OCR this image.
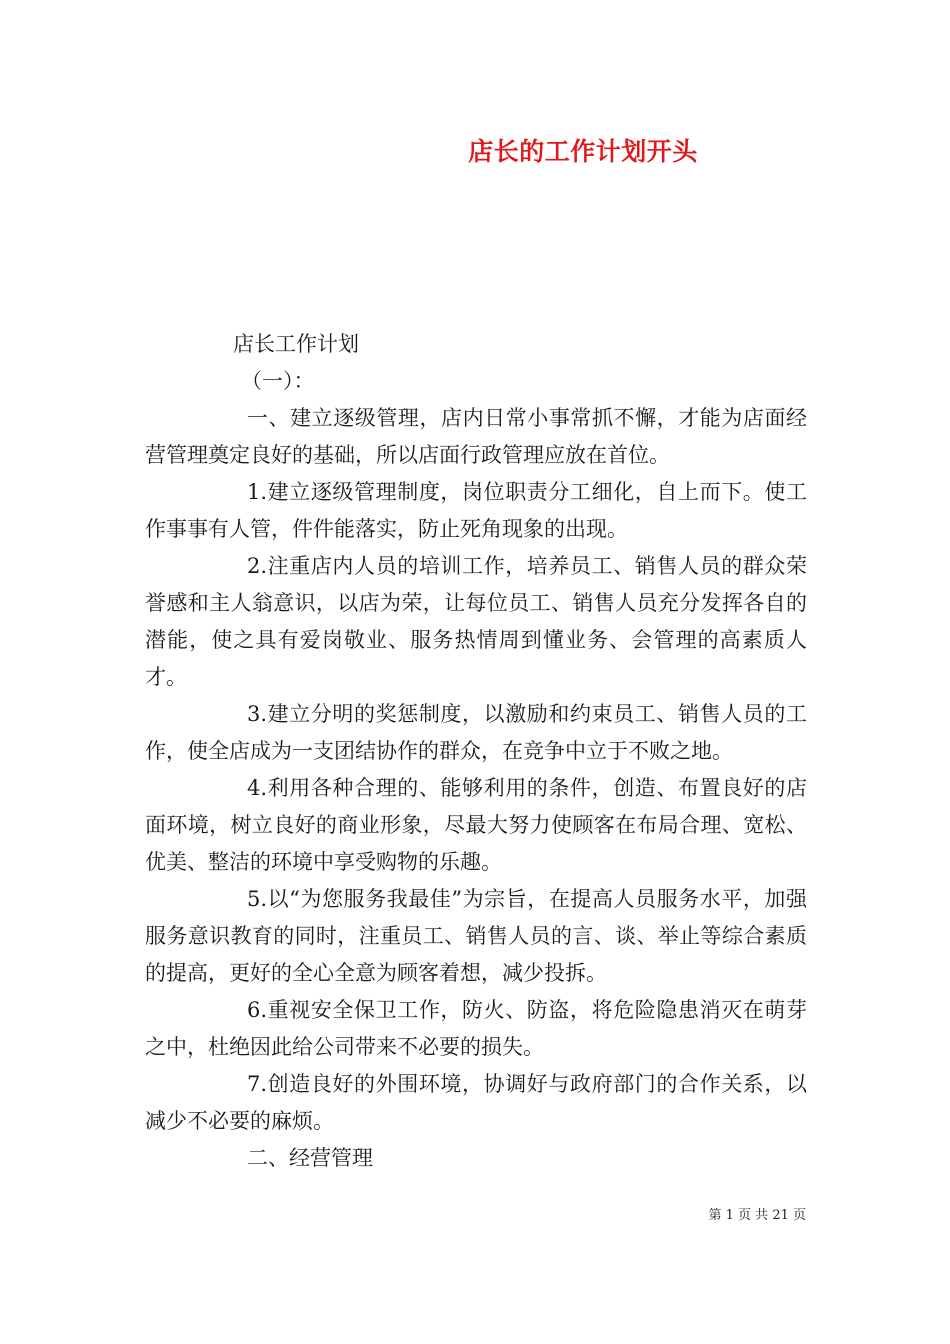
店长的工作计划开头

店长工作计划

（一）：

一、建立逐级管理，店内日常小事常抓不懈，才能为店面经营管理奠定良好的基础，所以店面行政管理应放在首位。

1.建立逐级管理制度，岗位职责分工细化，自上而下。使工作事事有人管，件件能落实，防止死角现象的出现。

2.注重店内人员的培训工作，培养员工、销售人员的群众荣誉感和主人翁意识，以店为荣，让每位员工、销售人员充分发挥各自的潜能，使之具有爱岗敬业、服务热情周到懂业务、会管理的高素质人才。

3.建立分明的奖惩制度，以激励和约束员工、销售人员的工作，使全店成为一支团结协作的群众，在竞争中立于不败之地。

4.利用各种合理的、能够利用的条件，创造、布置良好的店面环境，树立良好的商业形象，尽最大努力使顾客在布局合理、宽松、优美、整洁的环境中享受购物的乐趣。

5.以“为您服务我最佳”为宗旨，在提高人员服务水平，加强服务意识教育的同时，注重员工、销售人员的言、谈、举止等综合素质的提高，更好的全心全意为顾客着想，减少投拆。

6.重视安全保卫工作，防火、防盗，将危险隐患消灭在萌芽之中，杜绝因此给公司带来不必要的损失。

7.创造良好的外围环境，协调好与政府部门的合作关系，以减少不必要的麻烦。

二、经营管理

第 1 页 共 21 页
